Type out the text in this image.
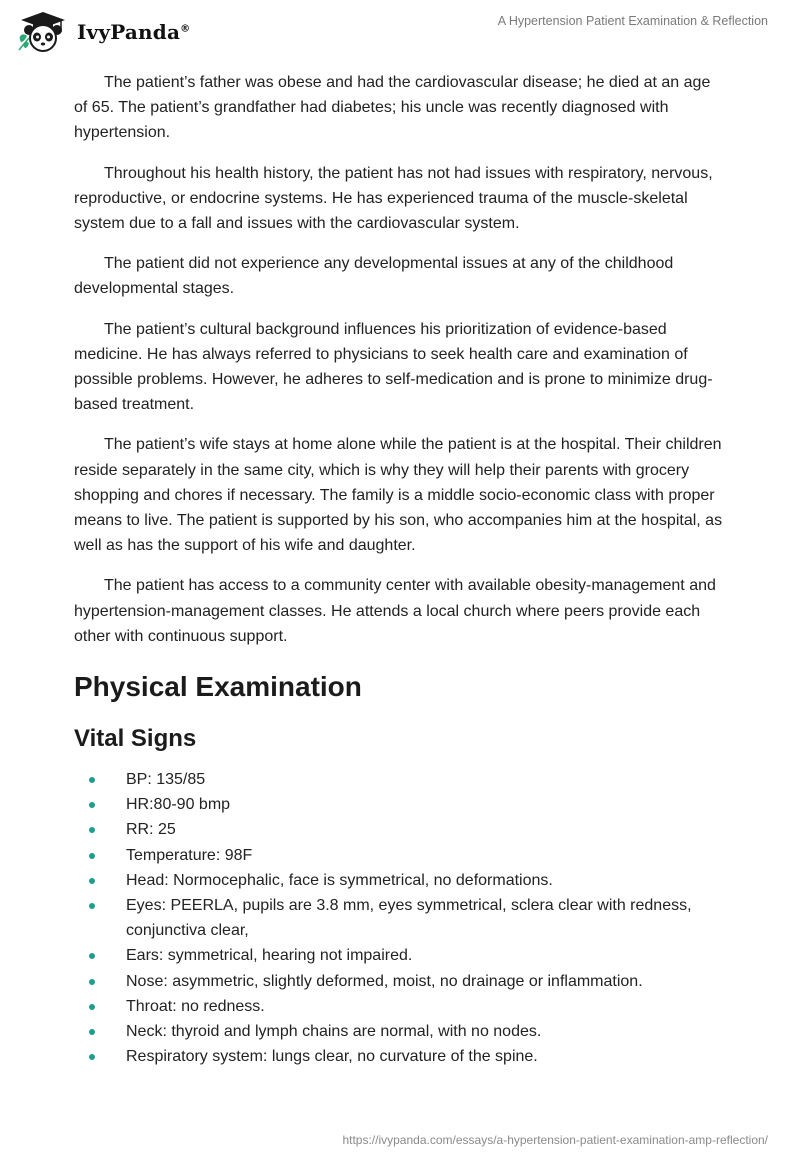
IvyPanda®
A Hypertension Patient Examination & Reflection

The patient’s father was obese and had the cardiovascular disease; he died at an age of 65. The patient’s grandfather had diabetes; his uncle was recently diagnosed with hypertension.

Throughout his health history, the patient has not had issues with respiratory, nervous, reproductive, or endocrine systems. He has experienced trauma of the muscle-skeletal system due to a fall and issues with the cardiovascular system.

The patient did not experience any developmental issues at any of the childhood developmental stages.

The patient’s cultural background influences his prioritization of evidence-based medicine. He has always referred to physicians to seek health care and examination of possible problems. However, he adheres to self-medication and is prone to minimize drug-based treatment.

The patient’s wife stays at home alone while the patient is at the hospital. Their children reside separately in the same city, which is why they will help their parents with grocery shopping and chores if necessary. The family is a middle socio-economic class with proper means to live. The patient is supported by his son, who accompanies him at the hospital, as well as has the support of his wife and daughter.

The patient has access to a community center with available obesity-management and hypertension-management classes. He attends a local church where peers provide each other with continuous support.

Physical Examination
Vital Signs
BP: 135/85
HR:80-90 bmp
RR: 25
Temperature: 98F
Head: Normocephalic, face is symmetrical, no deformations.
Eyes: PEERLA, pupils are 3.8 mm, eyes symmetrical, sclera clear with redness, conjunctiva clear,
Ears: symmetrical, hearing not impaired.
Nose: asymmetric, slightly deformed, moist, no drainage or inflammation.
Throat: no redness.
Neck: thyroid and lymph chains are normal, with no nodes.
Respiratory system: lungs clear, no curvature of the spine.
https://ivypanda.com/essays/a-hypertension-patient-examination-amp-reflection/
